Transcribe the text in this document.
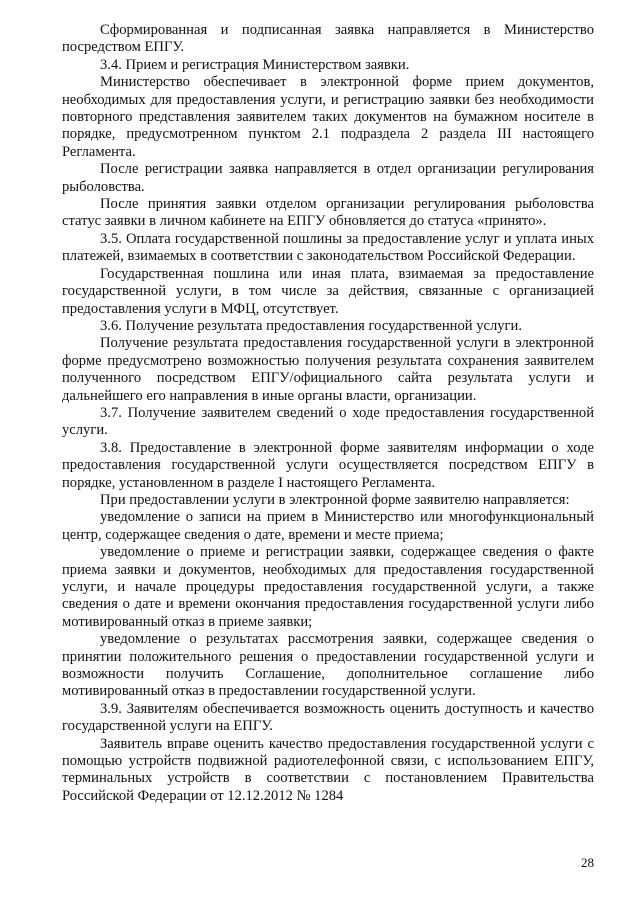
Сформированная и подписанная заявка направляется в Министерство посредством ЕПГУ.

3.4. Прием и регистрация Министерством заявки.

Министерство обеспечивает в электронной форме прием документов, необходимых для предоставления услуги, и регистрацию заявки без необходимости повторного представления заявителем таких документов на бумажном носителе в порядке, предусмотренном пунктом 2.1 подраздела 2 раздела III настоящего Регламента.

После регистрации заявка направляется в отдел организации регулирования рыболовства.

После принятия заявки отделом организации регулирования рыболовства статус заявки в личном кабинете на ЕПГУ обновляется до статуса «принято».

3.5. Оплата государственной пошлины за предоставление услуг и уплата иных платежей, взимаемых в соответствии с законодательством Российской Федерации.

Государственная пошлина или иная плата, взимаемая за предоставление государственной услуги, в том числе за действия, связанные с организацией предоставления услуги в МФЦ, отсутствует.

3.6. Получение результата предоставления государственной услуги.

Получение результата предоставления государственной услуги в электронной форме предусмотрено возможностью получения результата сохранения заявителем полученного посредством ЕПГУ/официального сайта результата услуги и дальнейшего его направления в иные органы власти, организации.

3.7. Получение заявителем сведений о ходе предоставления государственной услуги.

3.8. Предоставление в электронной форме заявителям информации о ходе предоставления государственной услуги осуществляется посредством ЕПГУ в порядке, установленном в разделе I настоящего Регламента.

При предоставлении услуги в электронной форме заявителю направляется:

уведомление о записи на прием в Министерство или многофункциональный центр, содержащее сведения о дате, времени и месте приема;

уведомление о приеме и регистрации заявки, содержащее сведения о факте приема заявки и документов, необходимых для предоставления государственной услуги, и начале процедуры предоставления государственной услуги, а также сведения о дате и времени окончания предоставления государственной услуги либо мотивированный отказ в приеме заявки;

уведомление о результатах рассмотрения заявки, содержащее сведения о принятии положительного решения о предоставлении государственной услуги и возможности получить Соглашение, дополнительное соглашение либо мотивированный отказ в предоставлении государственной услуги.

3.9. Заявителям обеспечивается возможность оценить доступность и качество государственной услуги на ЕПГУ.

Заявитель вправе оценить качество предоставления государственной услуги с помощью устройств подвижной радиотелефонной связи, с использованием ЕПГУ, терминальных устройств в соответствии с постановлением Правительства Российской Федерации от 12.12.2012 № 1284

28
